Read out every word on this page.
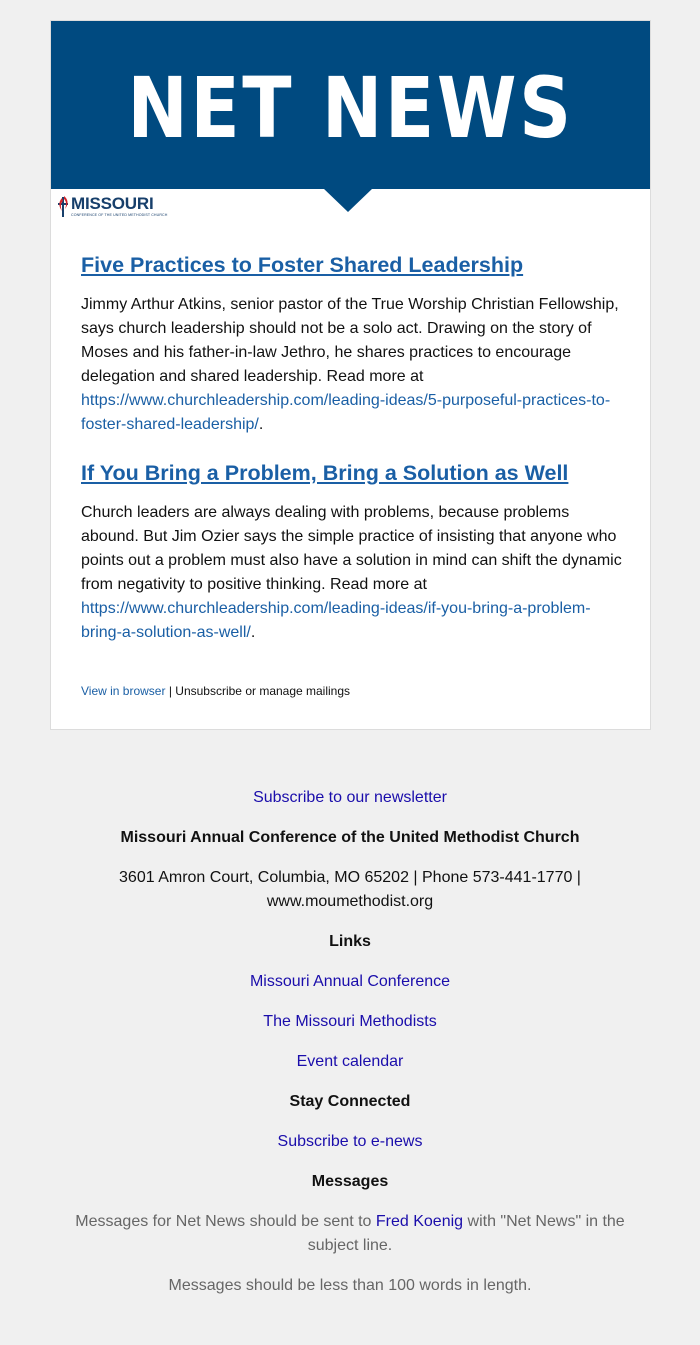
NET NEWS
MISSOURI
CONFERENCE OF THE UNITED METHODIST CHURCH
Five Practices to Foster Shared Leadership

Jimmy Arthur Atkins, senior pastor of the True Worship Christian Fellowship, says church leadership should not be a solo act. Drawing on the story of Moses and his father-in-law Jethro, he shares practices to encourage delegation and shared leadership. Read more at https://www.churchleadership.com/leading-ideas/5-purposeful-practices-to-foster-shared-leadership/.

If You Bring a Problem, Bring a Solution as Well

Church leaders are always dealing with problems, because problems abound. But Jim Ozier says the simple practice of insisting that anyone who points out a problem must also have a solution in mind can shift the dynamic from negativity to positive thinking. Read more at https://www.churchleadership.com/leading-ideas/if-you-bring-a-problem-bring-a-solution-as-well/.

View in browser | Unsubscribe or manage mailings
Subscribe to our newsletter
Missouri Annual Conference of the United Methodist Church
3601 Amron Court, Columbia, MO 65202 | Phone 573-441-1770 | www.moumethodist.org
Links
Missouri Annual Conference
The Missouri Methodists
Event calendar
Stay Connected
Subscribe to e-news
Messages
Messages for Net News should be sent to Fred Koenig with "Net News" in the subject line.
Messages should be less than 100 words in length.
